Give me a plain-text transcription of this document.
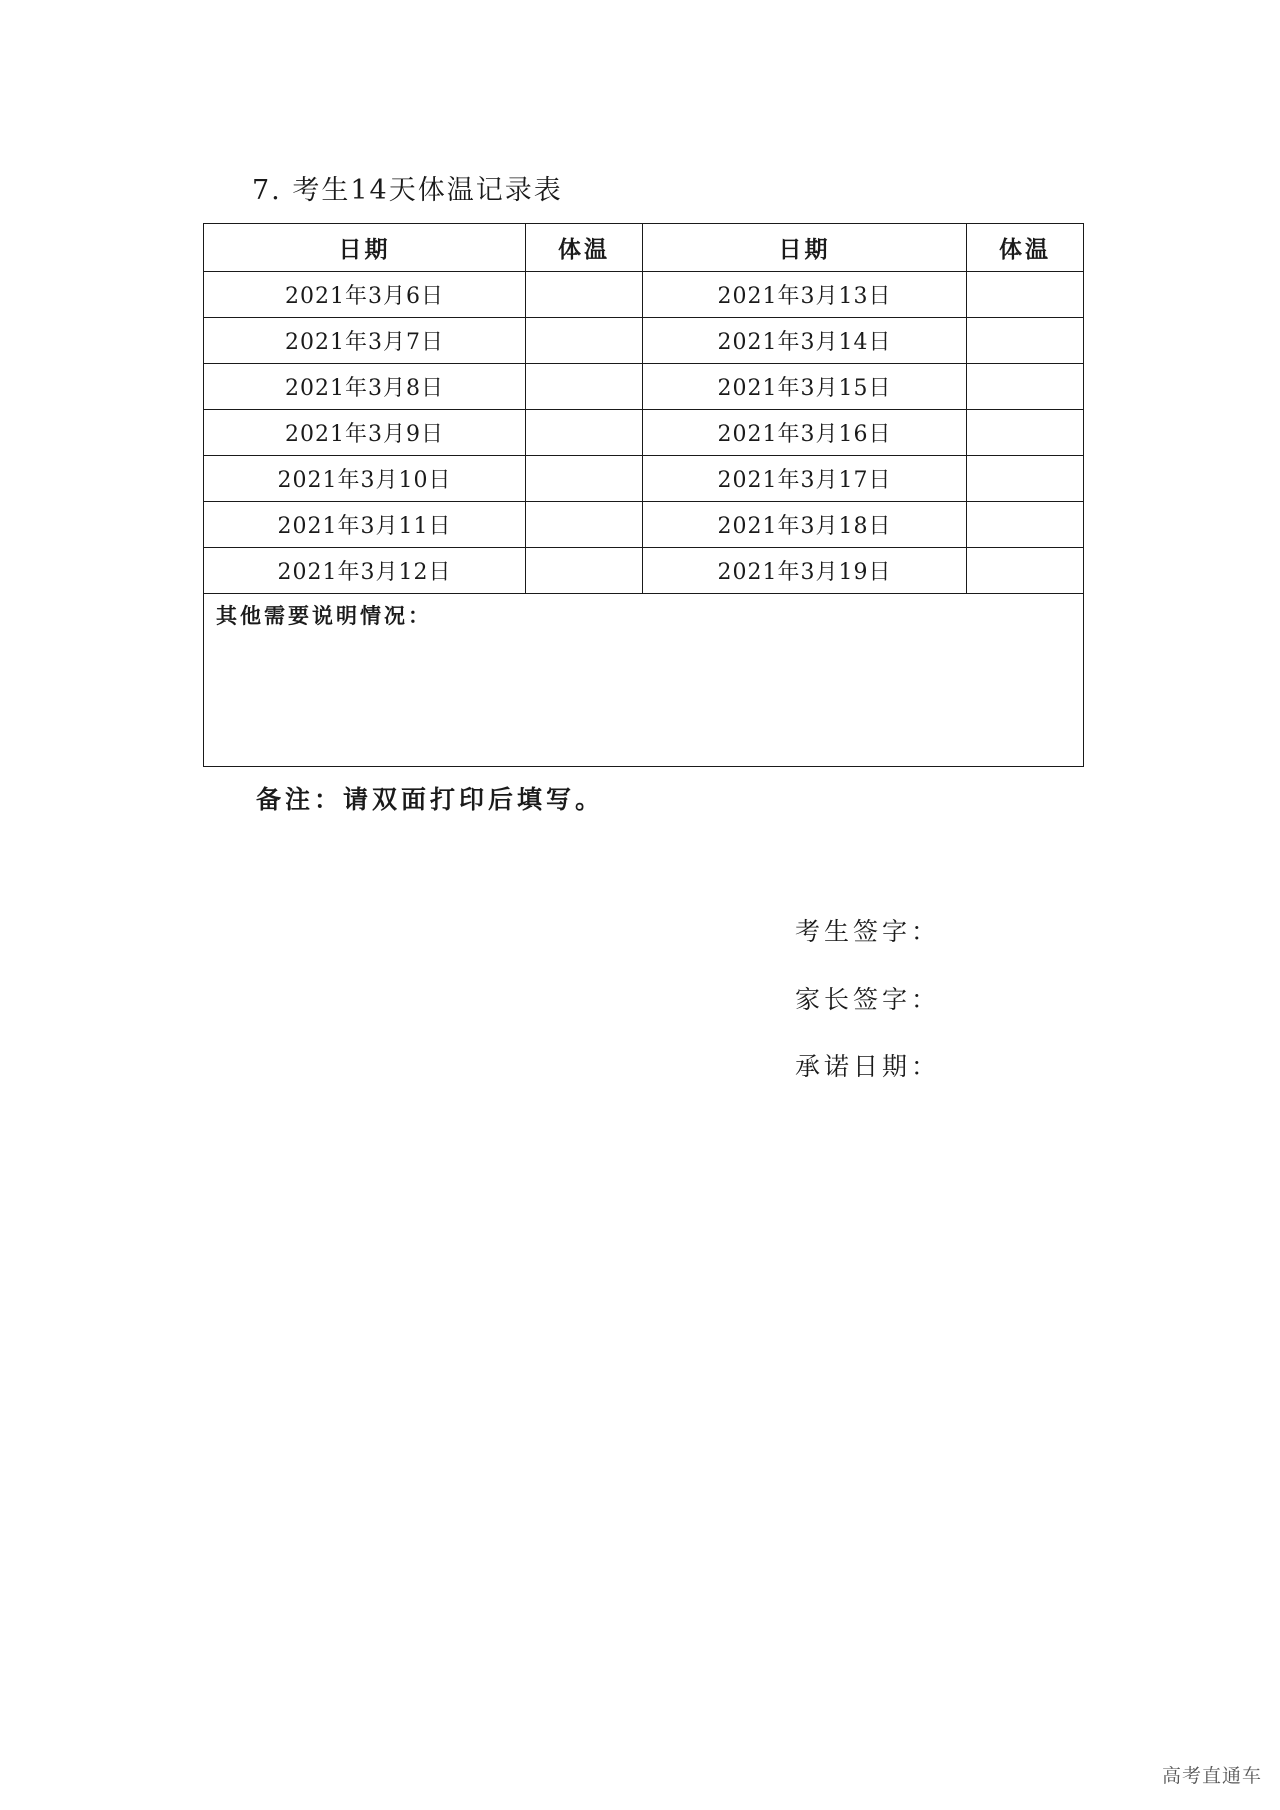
7. 考生14天体温记录表
日期	体温	日期	体温
2021年3月6日		2021年3月13日	
2021年3月7日		2021年3月14日	
2021年3月8日		2021年3月15日	
2021年3月9日		2021年3月16日	
2021年3月10日		2021年3月17日	
2021年3月11日		2021年3月18日	
2021年3月12日		2021年3月19日	
其他需要说明情况：			
备注：请双面打印后填写。
考生签字：
家长签字：
承诺日期：
高考直通车
